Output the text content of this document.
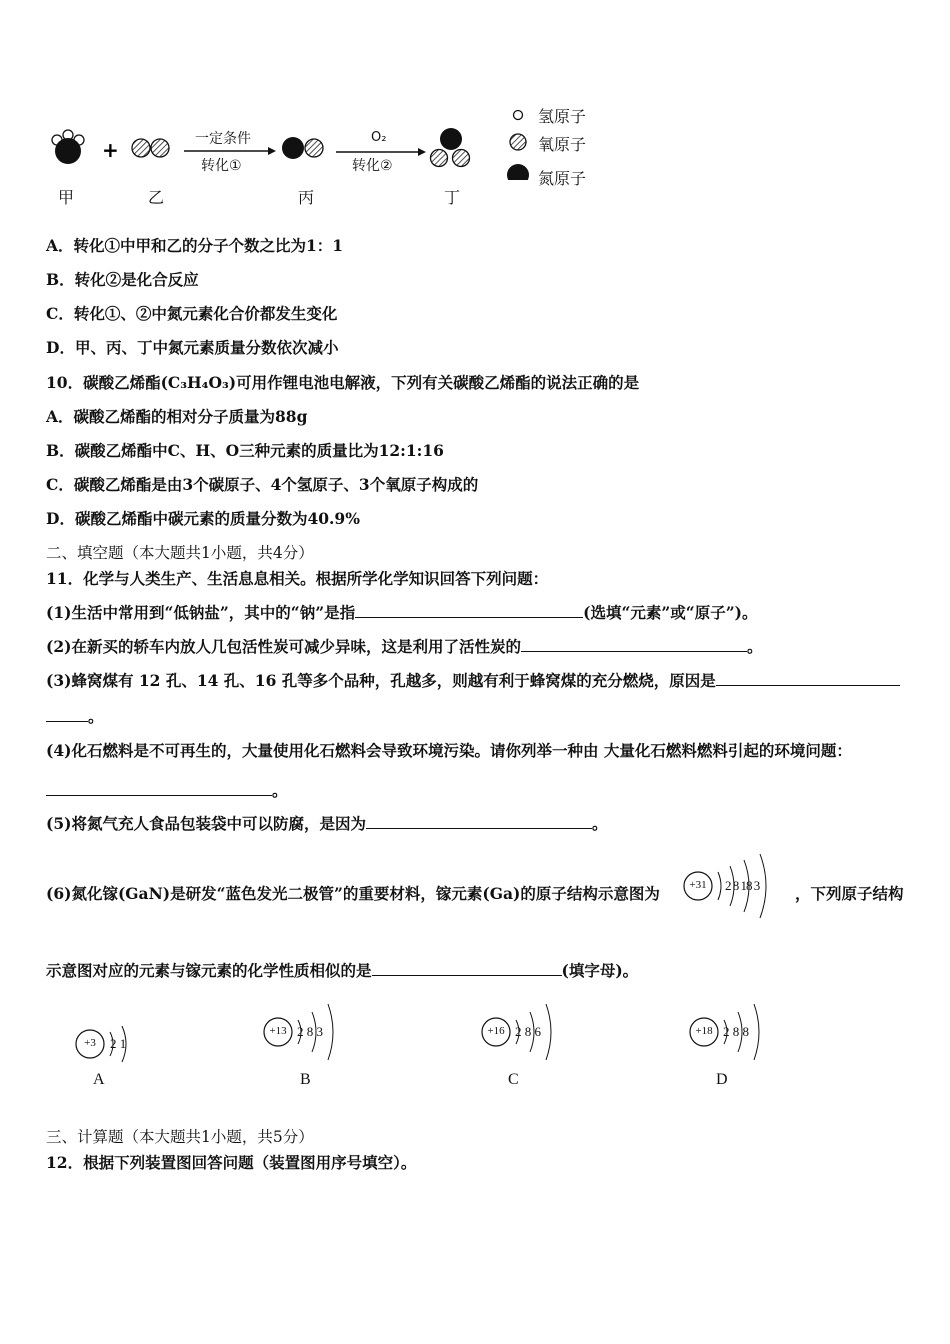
+	一定条件
转化①
O₂
转化②
甲	乙	丙	丁
氢原子
氧原子
氮原子
A．转化①中甲和乙的分子个数之比为1：1
B．转化②是化合反应
C．转化①、②中氮元素化合价都发生变化
D．甲、丙、丁中氮元素质量分数依次减小
10．碳酸乙烯酯(C₃H₄O₃)可用作锂电池电解液，下列有关碳酸乙烯酯的说法正确的是
A．碳酸乙烯酯的相对分子质量为88g
B．碳酸乙烯酯中C、H、O三种元素的质量比为12:1:16
C．碳酸乙烯酯是由3个碳原子、4个氢原子、3个氧原子构成的
D．碳酸乙烯酯中碳元素的质量分数为40.9%
二、填空题（本大题共1小题，共4分）
11．化学与人类生产、生活息息相关。根据所学化学知识回答下列问题：
(1)生活中常用到“低钠盐”，其中的“钠”是指	(选填“元素”或“原子”)。
(2)在新买的轿车内放人几包活性炭可减少异味，这是利用了活性炭的	。
(3)蜂窝煤有 12 孔、14 孔、16 孔等多个品种，孔越多，则越有利于蜂窝煤的充分燃烧，原因是
。
(4)化石燃料是不可再生的，大量使用化石燃料会导致环境污染。请你列举一种由 大量化石燃料燃料引起的环境问题：
。
(5)将氮气充人食品包装袋中可以防腐，是因为	。
(6)氮化镓(GaN)是研发“蓝色发光二极管”的重要材料，镓元素(Ga)的原子结构示意图为	+31 2 8 18 3 ，下列原子结构
示意图对应的元素与镓元素的化学性质相似的是	(填字母)。
+3	2 1
A
+13 2 8 3
B
+16 2 8 6
C
+18 2 8 8
D
三、计算题（本大题共1小题，共5分）
12．根据下列装置图回答问题（装置图用序号填空）。
